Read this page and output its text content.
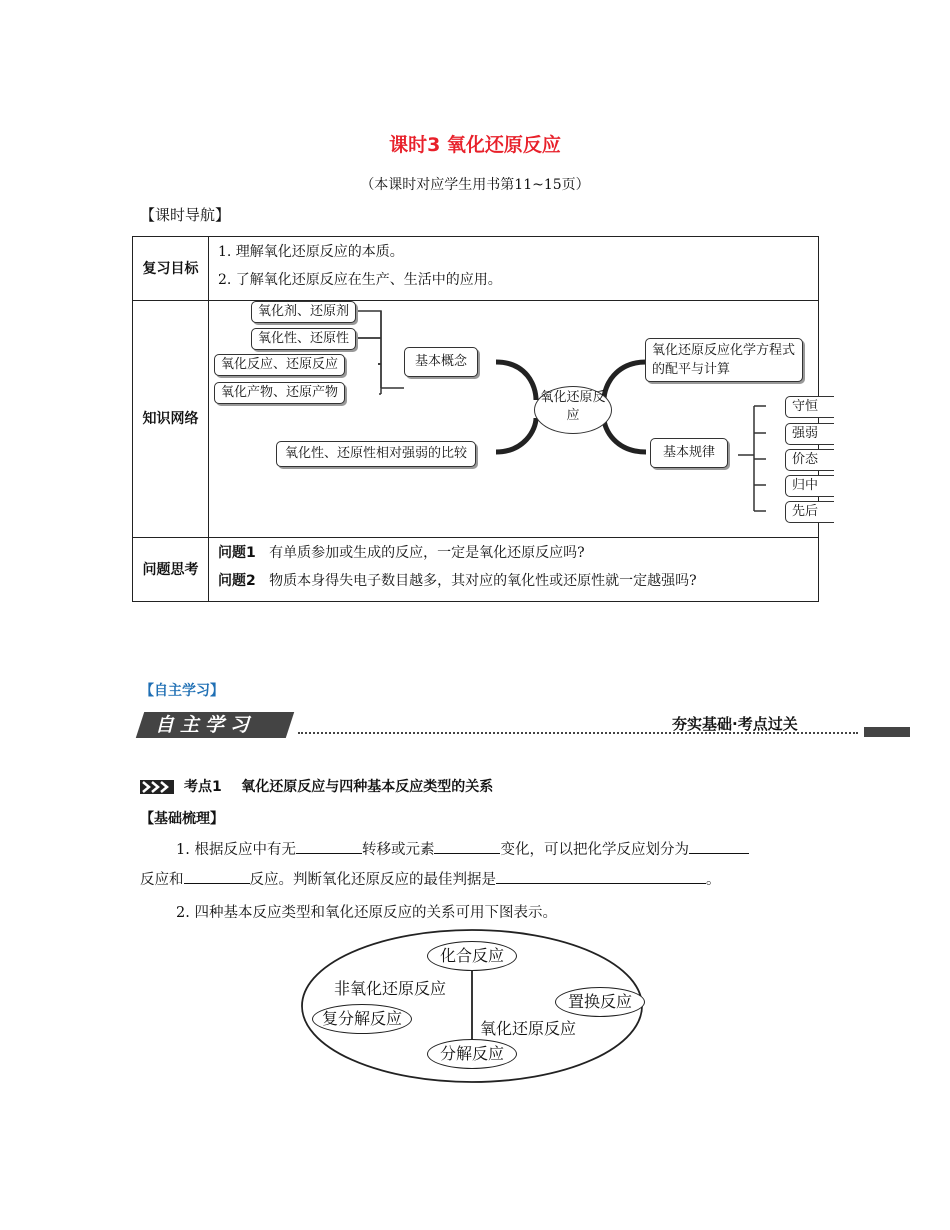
课时3 氧化还原反应
（本课时对应学生用书第11~15页）
【课时导航】
复习目标	1. 理解氧化还原反应的本质。
2. 了解氧化还原反应在生产、生活中的应用。

知识网络	
问题思考	问题1 有单质参加或生成的反应，一定是氧化还原反应吗?
问题2 物质本身得失电子数目越多，其对应的氧化性或还原性就一定越强吗?
氧化剂、还原剂
氧化性、还原性
氧化反应、还原反应
氧化产物、还原产物
基本概念
氧化还原反应
氧化性、还原性相对强弱的比较
氧化还原反应化学方程式的配平与计算
基本规律
守恒
强弱
价态
归中
先后
【自主学习】
自主学习	夯实基础·考点过关
考点1 氧化还原反应与四种基本反应类型的关系
【基础梳理】
1. 根据反应中有无	转移或元素	变化，可以把化学反应划分为
反应和	反应。判断氧化还原反应的最佳判据是	。
2. 四种基本反应类型和氧化还原反应的关系可用下图表示。
化合反应
置换反应
复分解反应
分解反应
非氧化还原反应
氧化还原反应
